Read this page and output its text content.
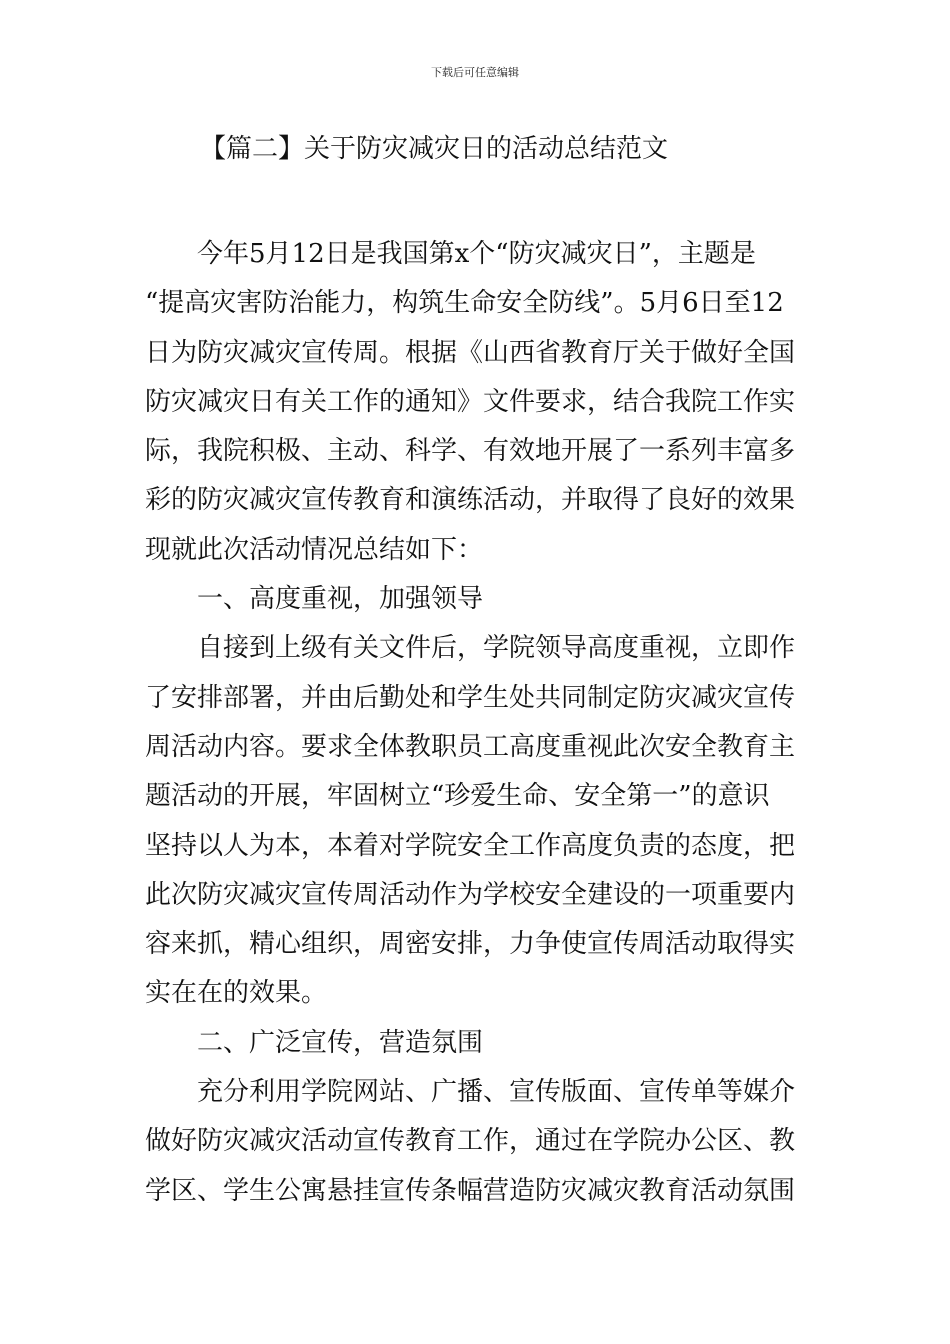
下载后可任意编辑
【篇二】关于防灾减灾日的活动总结范文

今年5月12日是我国第x个“防灾减灾日”，主题是

“提高灾害防治能力，构筑生命安全防线”。5月6日至12

日为防灾减灾宣传周。根据《山西省教育厅关于做好全国

防灾减灾日有关工作的通知》文件要求，结合我院工作实

际，我院积极、主动、科学、有效地开展了一系列丰富多

彩的防灾减灾宣传教育和演练活动，并取得了良好的效果

现就此次活动情况总结如下：

一、高度重视，加强领导

自接到上级有关文件后，学院领导高度重视，立即作

了安排部署，并由后勤处和学生处共同制定防灾减灾宣传

周活动内容。要求全体教职员工高度重视此次安全教育主

题活动的开展，牢固树立“珍爱生命、安全第一”的意识

坚持以人为本，本着对学院安全工作高度负责的态度，把

此次防灾减灾宣传周活动作为学校安全建设的一项重要内

容来抓，精心组织，周密安排，力争使宣传周活动取得实

实在在的效果。

二、广泛宣传，营造氛围

充分利用学院网站、广播、宣传版面、宣传单等媒介

做好防灾减灾活动宣传教育工作，通过在学院办公区、教

学区、学生公寓悬挂宣传条幅营造防灾减灾教育活动氛围
